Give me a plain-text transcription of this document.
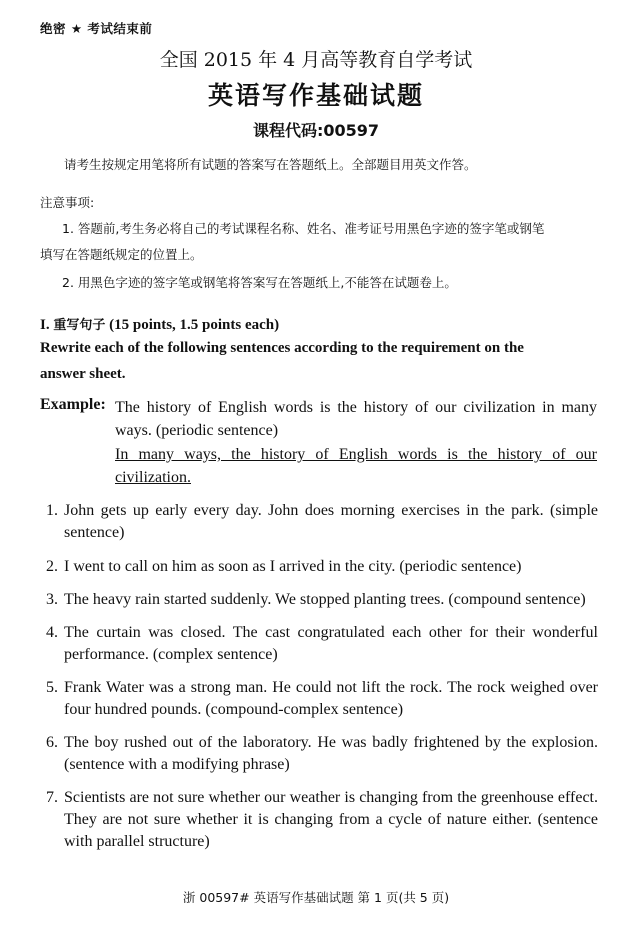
绝密 ★ 考试结束前
全国 2015 年 4 月高等教育自学考试
英语写作基础试题
课程代码:00597
请考生按规定用笔将所有试题的答案写在答题纸上。全部题目用英文作答。
注意事项:
1. 答题前,考生务必将自己的考试课程名称、姓名、准考证号用黑色字迹的签字笔或钢笔
填写在答题纸规定的位置上。
2. 用黑色字迹的签字笔或钢笔将答案写在答题纸上,不能答在试题卷上。
I. 重写句子 (15 points, 1.5 points each)
Rewrite each of the following sentences according to the requirement on the
answer sheet.
Example: The history of English words is the history of our civilization in many ways. (periodic sentence)
In many ways, the history of English words is the history of our civilization.
1. John gets up early every day. John does morning exercises in the park. (simple sentence)
2. I went to call on him as soon as I arrived in the city. (periodic sentence)
3. The heavy rain started suddenly. We stopped planting trees. (compound sentence)
4. The curtain was closed. The cast congratulated each other for their wonderful performance. (complex sentence)
5. Frank Water was a strong man. He could not lift the rock. The rock weighed over four hundred pounds. (compound-complex sentence)
6. The boy rushed out of the laboratory. He was badly frightened by the explosion. (sentence with a modifying phrase)
7. Scientists are not sure whether our weather is changing from the greenhouse effect. They are not sure whether it is changing from a cycle of nature either. (sentence with parallel structure)
浙 00597# 英语写作基础试题 第 1 页(共 5 页)
